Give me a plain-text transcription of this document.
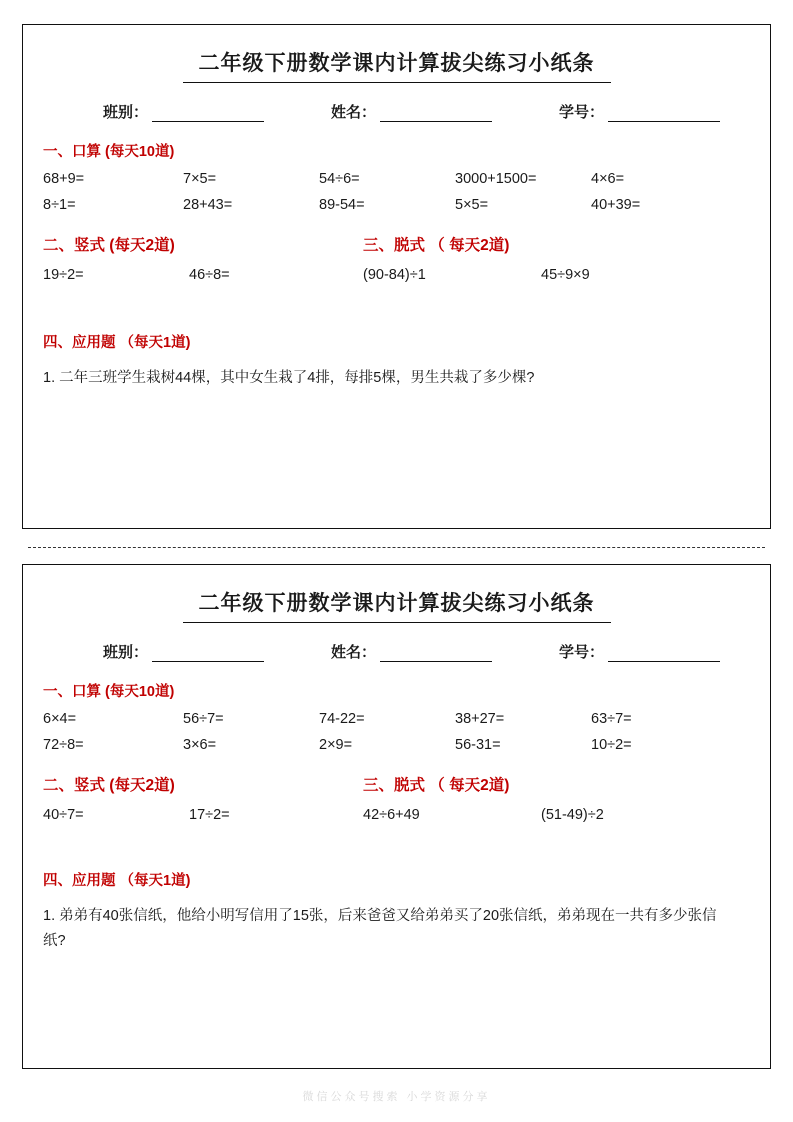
二年级下册数学课内计算拔尖练习小纸条
班别：	姓名：	学号：
一、口算 (每天10道)
68+9=	7×5=	54÷6=	3000+1500=	4×6=
8÷1=	28+43=	89-54=	5×5=	40+39=
二、竖式 (每天2道)	三、脱式 （ 每天2道)
19÷2=	46÷8=	(90-84)÷1	45÷9×9
四、应用题 （每天1道)
1. 二年三班学生栽树44棵，其中女生栽了4排，每排5棵，男生共栽了多少棵?
二年级下册数学课内计算拔尖练习小纸条
班别：	姓名：	学号：
一、口算 (每天10道)
6×4=	56÷7=	74-22=	38+27=	63÷7=
72÷8=	3×6=	2×9=	56-31=	10÷2=
二、竖式 (每天2道)	三、脱式 （ 每天2道)
40÷7=	17÷2=	42÷6+49	(51-49)÷2
四、应用题 （每天1道)
1. 弟弟有40张信纸，他给小明写信用了15张，后来爸爸又给弟弟买了20张信纸，弟弟现在一共有多少张信纸?
微信公众号搜索 小学资源分享
